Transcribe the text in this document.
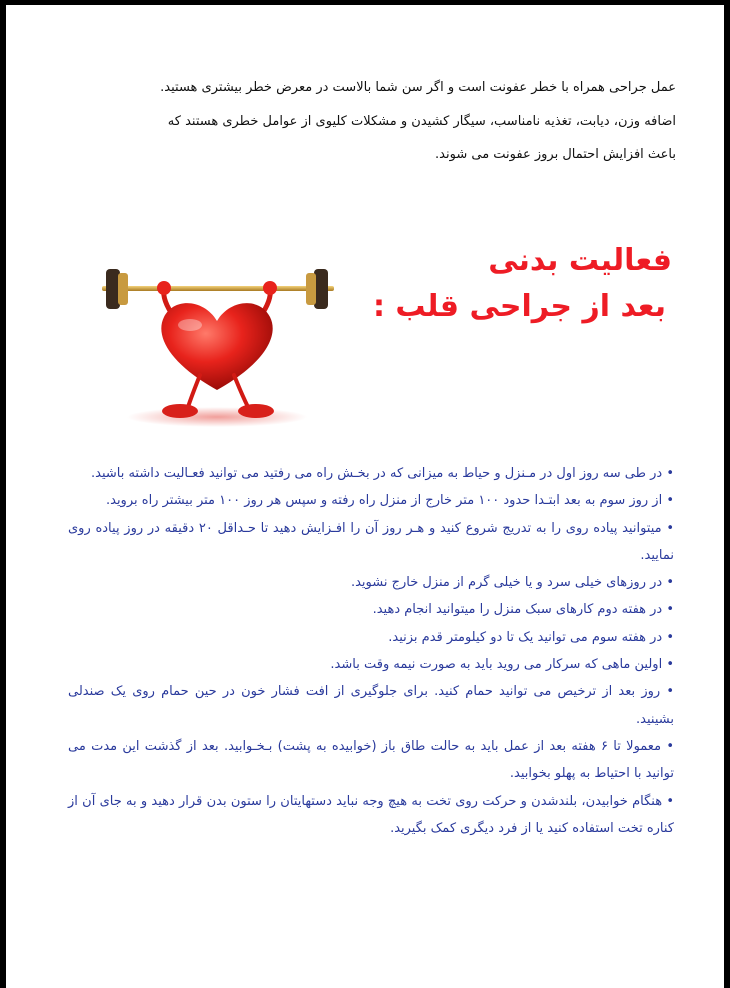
عمل جراحی همراه با خطر عفونت است و اگر سن شما بالاست در معرض خطر بیشتری هستید.

اضافه وزن، دیابت، تغذیه نامناسب، سیگار کشیدن و مشکلات کلیوی از عوامل خطری هستند که

باعث افزایش احتمال بروز عفونت می شوند.

فعالیت بدنی
بعد از جراحی قلب :
• در طی سه روز اول در مـنزل و حیاط به میزانی که در بخـش راه می رفتید می توانید فعـالیت داشته باشید.
• از روز سوم به بعد ابتـدا حدود ۱۰۰ متر خارج از منزل راه رفته و سپس هر روز ۱۰۰ متر بیشتر راه بروید.
• میتوانید پیاده روی را به تدریج شروع کنید و هـر روز آن را افـزایش دهید تا حـداقل ۲۰ دقیقه در روز پیاده روی نمایید.
• در روزهای خیلی سرد و یا خیلی گرم از منزل خارج نشوید.
• در هفته دوم کارهای سبک منزل را میتوانید انجام دهید.
• در هفته سوم می توانید یک تا دو کیلومتر قدم بزنید.
• اولین ماهی که سرکار می روید باید به صورت نیمه وقت باشد.
• روز بعد از ترخیص می توانید حمام کنید. برای جلوگیری از افت فشار خون در حین حمام روی یک صندلی بشینید.
• معمولا تا ۶ هفته بعد از عمل باید به حالت طاق باز (خوابیده به پشت) بـخـوابید. بعد از گذشت این مدت می توانید با احتیاط به پهلو بخوابید.
• هنگام خوابیدن، بلندشدن و حرکت روی تخت به هیچ وجه نباید دستهایتان را ستون بدن قرار دهید و به جای آن از کناره تخت استفاده کنید یا از فرد دیگری کمک بگیرید.
